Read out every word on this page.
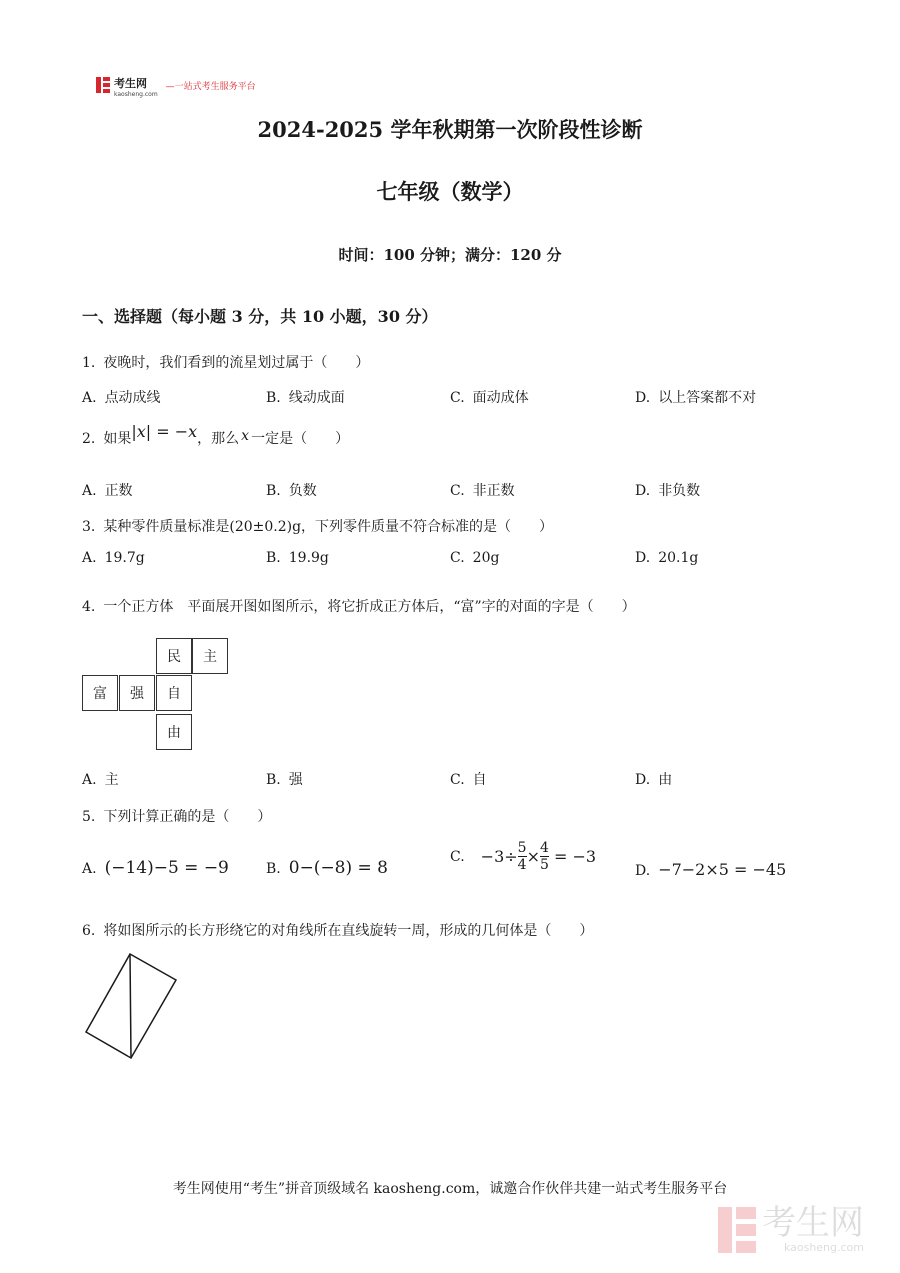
考生网
kaosheng.com
—一站式考生服务平台
2024-2025 学年秋期第一次阶段性诊断
七年级（数学）
时间：100 分钟；满分：120 分
一、选择题（每小题 3 分，共 10 小题，30 分）
1. 夜晚时，我们看到的流星划过属于（　　）
A. 点动成线	B. 线动成面	C. 面动成体	D. 以上答案都不对
2. 如果|x| = −x，那么 x 一定是（　　）
A. 正数	B. 负数	C. 非正数	D. 非负数
3. 某种零件质量标准是(20±0.2)g，下列零件质量不符合标准的是（　　）
A. 19.7g	B. 19.9g	C. 20g	D. 20.1g
4. 一个正方体　平面展开图如图所示，将它折成正方体后，“富”字的对面的字是（　　）
民	主
富	强	自
由
A. 主	B. 强	C. 自	D. 由
5. 下列计算正确的是（　　）
A. (−14)−5 = −9	B. 0−(−8) = 8
C. $-3\div \frac{5}{4} \times \frac{4}{5} = -3$
D. −7−2×5 = −45
6. 将如图所示的长方形绕它的对角线所在直线旋转一周，形成的几何体是（　　）
考生网使用“考生”拼音顶级域名 kaosheng.com，诚邀合作伙伴共建一站式考生服务平台
考生网
kaosheng.com
